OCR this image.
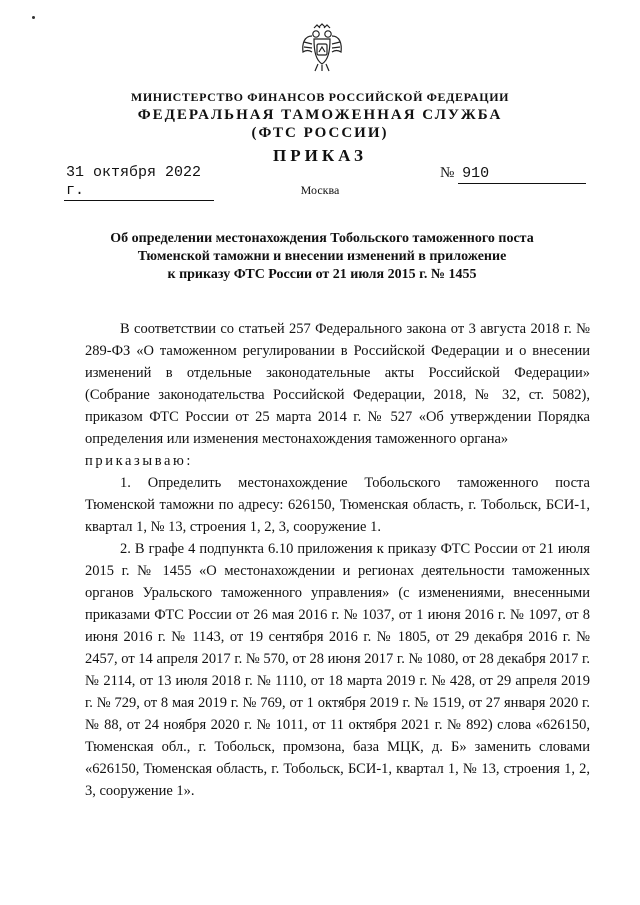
МИНИСТЕРСТВО ФИНАНСОВ РОССИЙСКОЙ ФЕДЕРАЦИИ
ФЕДЕРАЛЬНАЯ ТАМОЖЕННАЯ СЛУЖБА
(ФТС РОССИИ)
ПРИКАЗ
31 октября 2022 г.
№ 910
Москва
Об определении местонахождения Тобольского таможенного поста
Тюменской таможни и внесении изменений в приложение
к приказу ФТС России от 21 июля 2015 г. № 1455

В соответствии со статьей 257 Федерального закона от 3 августа 2018 г. № 289-ФЗ «О таможенном регулировании в Российской Федерации и о внесении изменений в отдельные законодательные акты Российской Федерации» (Собрание законодательства Российской Федерации, 2018, № 32, ст. 5082), приказом ФТС России от 25 марта 2014 г. № 527 «Об утверждении Порядка определения или изменения местонахождения таможенного органа»

приказываю:

1. Определить местонахождение Тобольского таможенного поста Тюменской таможни по адресу: 626150, Тюменская область, г. Тобольск, БСИ-1, квартал 1, № 13, строения 1, 2, 3, сооружение 1.

2. В графе 4 подпункта 6.10 приложения к приказу ФТС России от 21 июля 2015 г. № 1455 «О местонахождении и регионах деятельности таможенных органов Уральского таможенного управления» (с изменениями, внесенными приказами ФТС России от 26 мая 2016 г. № 1037, от 1 июня 2016 г. № 1097, от 8 июня 2016 г. № 1143, от 19 сентября 2016 г. № 1805, от 29 декабря 2016 г. № 2457, от 14 апреля 2017 г. № 570, от 28 июня 2017 г. № 1080, от 28 декабря 2017 г. № 2114, от 13 июля 2018 г. № 1110, от 18 марта 2019 г. № 428, от 29 апреля 2019 г. № 729, от 8 мая 2019 г. № 769, от 1 октября 2019 г. № 1519, от 27 января 2020 г. № 88, от 24 ноября 2020 г. № 1011, от 11 октября 2021 г. № 892) слова «626150, Тюменская обл., г. Тобольск, промзона, база МЦК, д. Б» заменить словами «626150, Тюменская область, г. Тобольск, БСИ-1, квартал 1, № 13, строения 1, 2, 3, сооружение 1».
